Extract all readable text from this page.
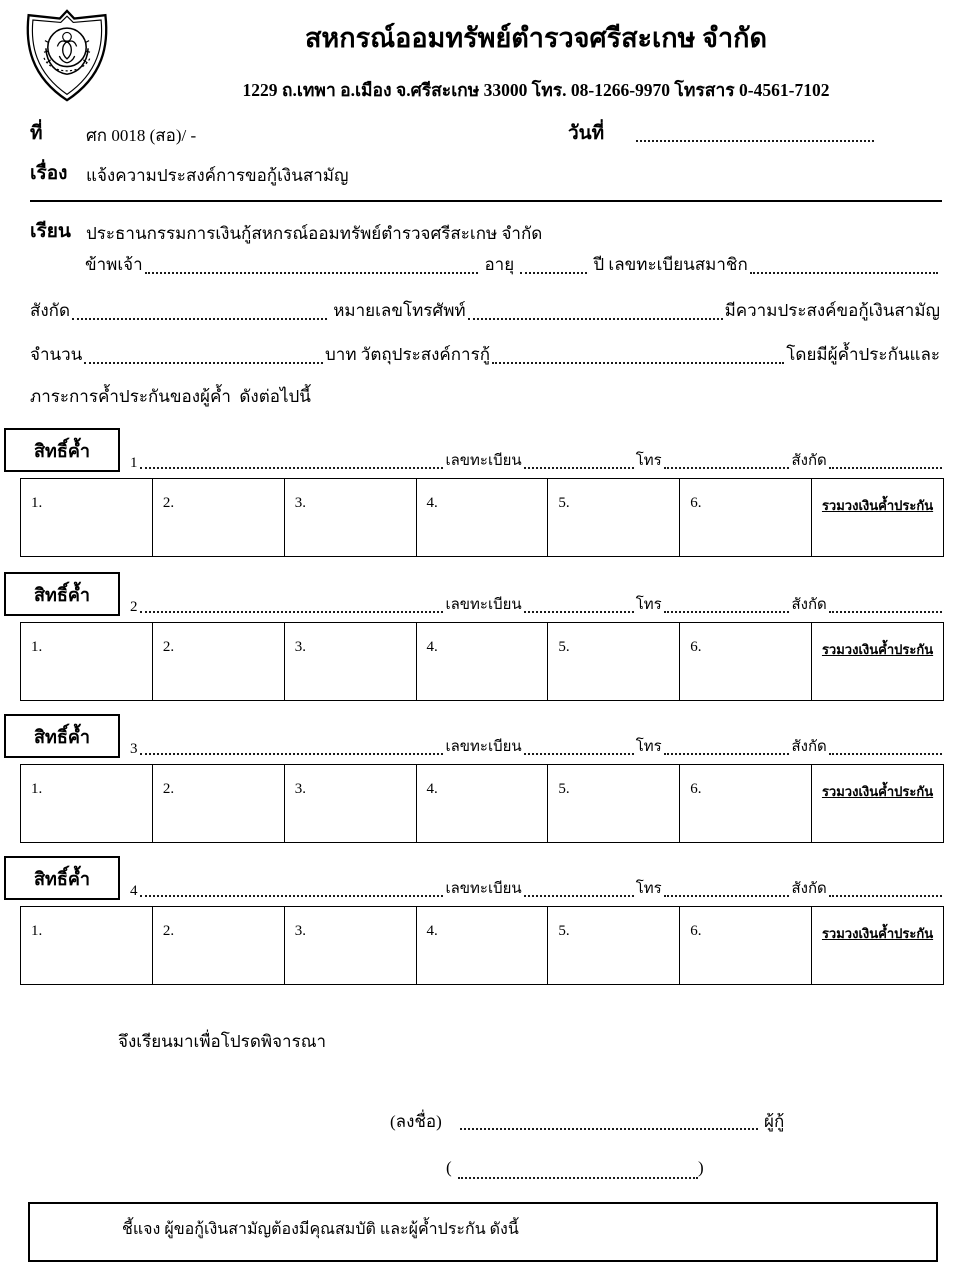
สหกรณ์ออมทรัพย์ตำรวจศรีสะเกษ จำกัด
1229 ถ.เทพา อ.เมือง จ.ศรีสะเกษ 33000 โทร. 08-1266-9970 โทรสาร 0-4561-7102
ที่	ศก 0018 (สอ)/ -	วันที่
เรื่อง แจ้งความประสงค์การขอกู้เงินสามัญ
เรียน ประธานกรรมการเงินกู้สหกรณ์ออมทรัพย์ตำรวจศรีสะเกษ จำกัด
ข้าพเจ้า	อายุ	ปี เลขทะเบียนสมาชิก
สังกัด	หมายเลขโทรศัพท์	มีความประสงค์ขอกู้เงินสามัญ
จำนวน	บาท วัตถุประสงค์การกู้	โดยมีผู้ค้ำประกันและ
ภาระการค้ำประกันของผู้ค้ำ  ดังต่อไปนี้
สิทธิ์ค้ำ
1	เลขทะเบียน	โทร	สังกัด
1.	2.	3.	4.	5.	6.	รวมวงเงินค้ำประกัน
สิทธิ์ค้ำ
2	เลขทะเบียน	โทร	สังกัด
1.	2.	3.	4.	5.	6.	รวมวงเงินค้ำประกัน
สิทธิ์ค้ำ
3	เลขทะเบียน	โทร	สังกัด
1.	2.	3.	4.	5.	6.	รวมวงเงินค้ำประกัน
สิทธิ์ค้ำ
4	เลขทะเบียน	โทร	สังกัด
1.	2.	3.	4.	5.	6.	รวมวงเงินค้ำประกัน
จึงเรียนมาเพื่อโปรดพิจารณา
(ลงชื่อ)	ผู้กู้
(	)
ชี้แจง ผู้ขอกู้เงินสามัญต้องมีคุณสมบัติ และผู้ค้ำประกัน ดังนี้
